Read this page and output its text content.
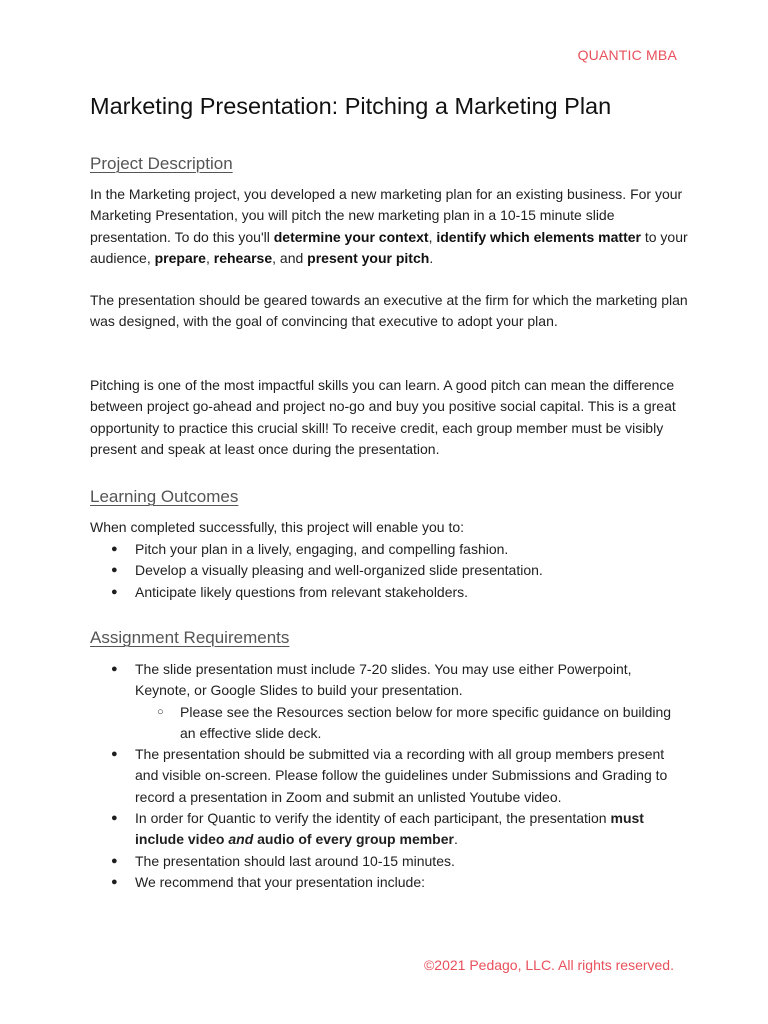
QUANTIC MBA
Marketing Presentation: Pitching a Marketing Plan
Project Description

In the Marketing project, you developed a new marketing plan for an existing business. For your Marketing Presentation, you will pitch the new marketing plan in a 10-15 minute slide presentation. To do this you'll determine your context, identify which elements matter to your audience, prepare, rehearse, and present your pitch.

The presentation should be geared towards an executive at the firm for which the marketing plan was designed, with the goal of convincing that executive to adopt your plan.

Pitching is one of the most impactful skills you can learn. A good pitch can mean the difference between project go-ahead and project no-go and buy you positive social capital. This is a great opportunity to practice this crucial skill! To receive credit, each group member must be visibly present and speak at least once during the presentation.

Learning Outcomes

When completed successfully, this project will enable you to:

● Pitch your plan in a lively, engaging, and compelling fashion.
● Develop a visually pleasing and well-organized slide presentation.
● Anticipate likely questions from relevant stakeholders.
Assignment Requirements
● The slide presentation must include 7-20 slides. You may use either Powerpoint, Keynote, or Google Slides to build your presentation.
○ Please see the Resources section below for more specific guidance on building an effective slide deck.
● The presentation should be submitted via a recording with all group members present and visible on-screen. Please follow the guidelines under Submissions and Grading to record a presentation in Zoom and submit an unlisted Youtube video.
● In order for Quantic to verify the identity of each participant, the presentation must include video and audio of every group member.
● The presentation should last around 10-15 minutes.
● We recommend that your presentation include:
©2021 Pedago, LLC. All rights reserved.
